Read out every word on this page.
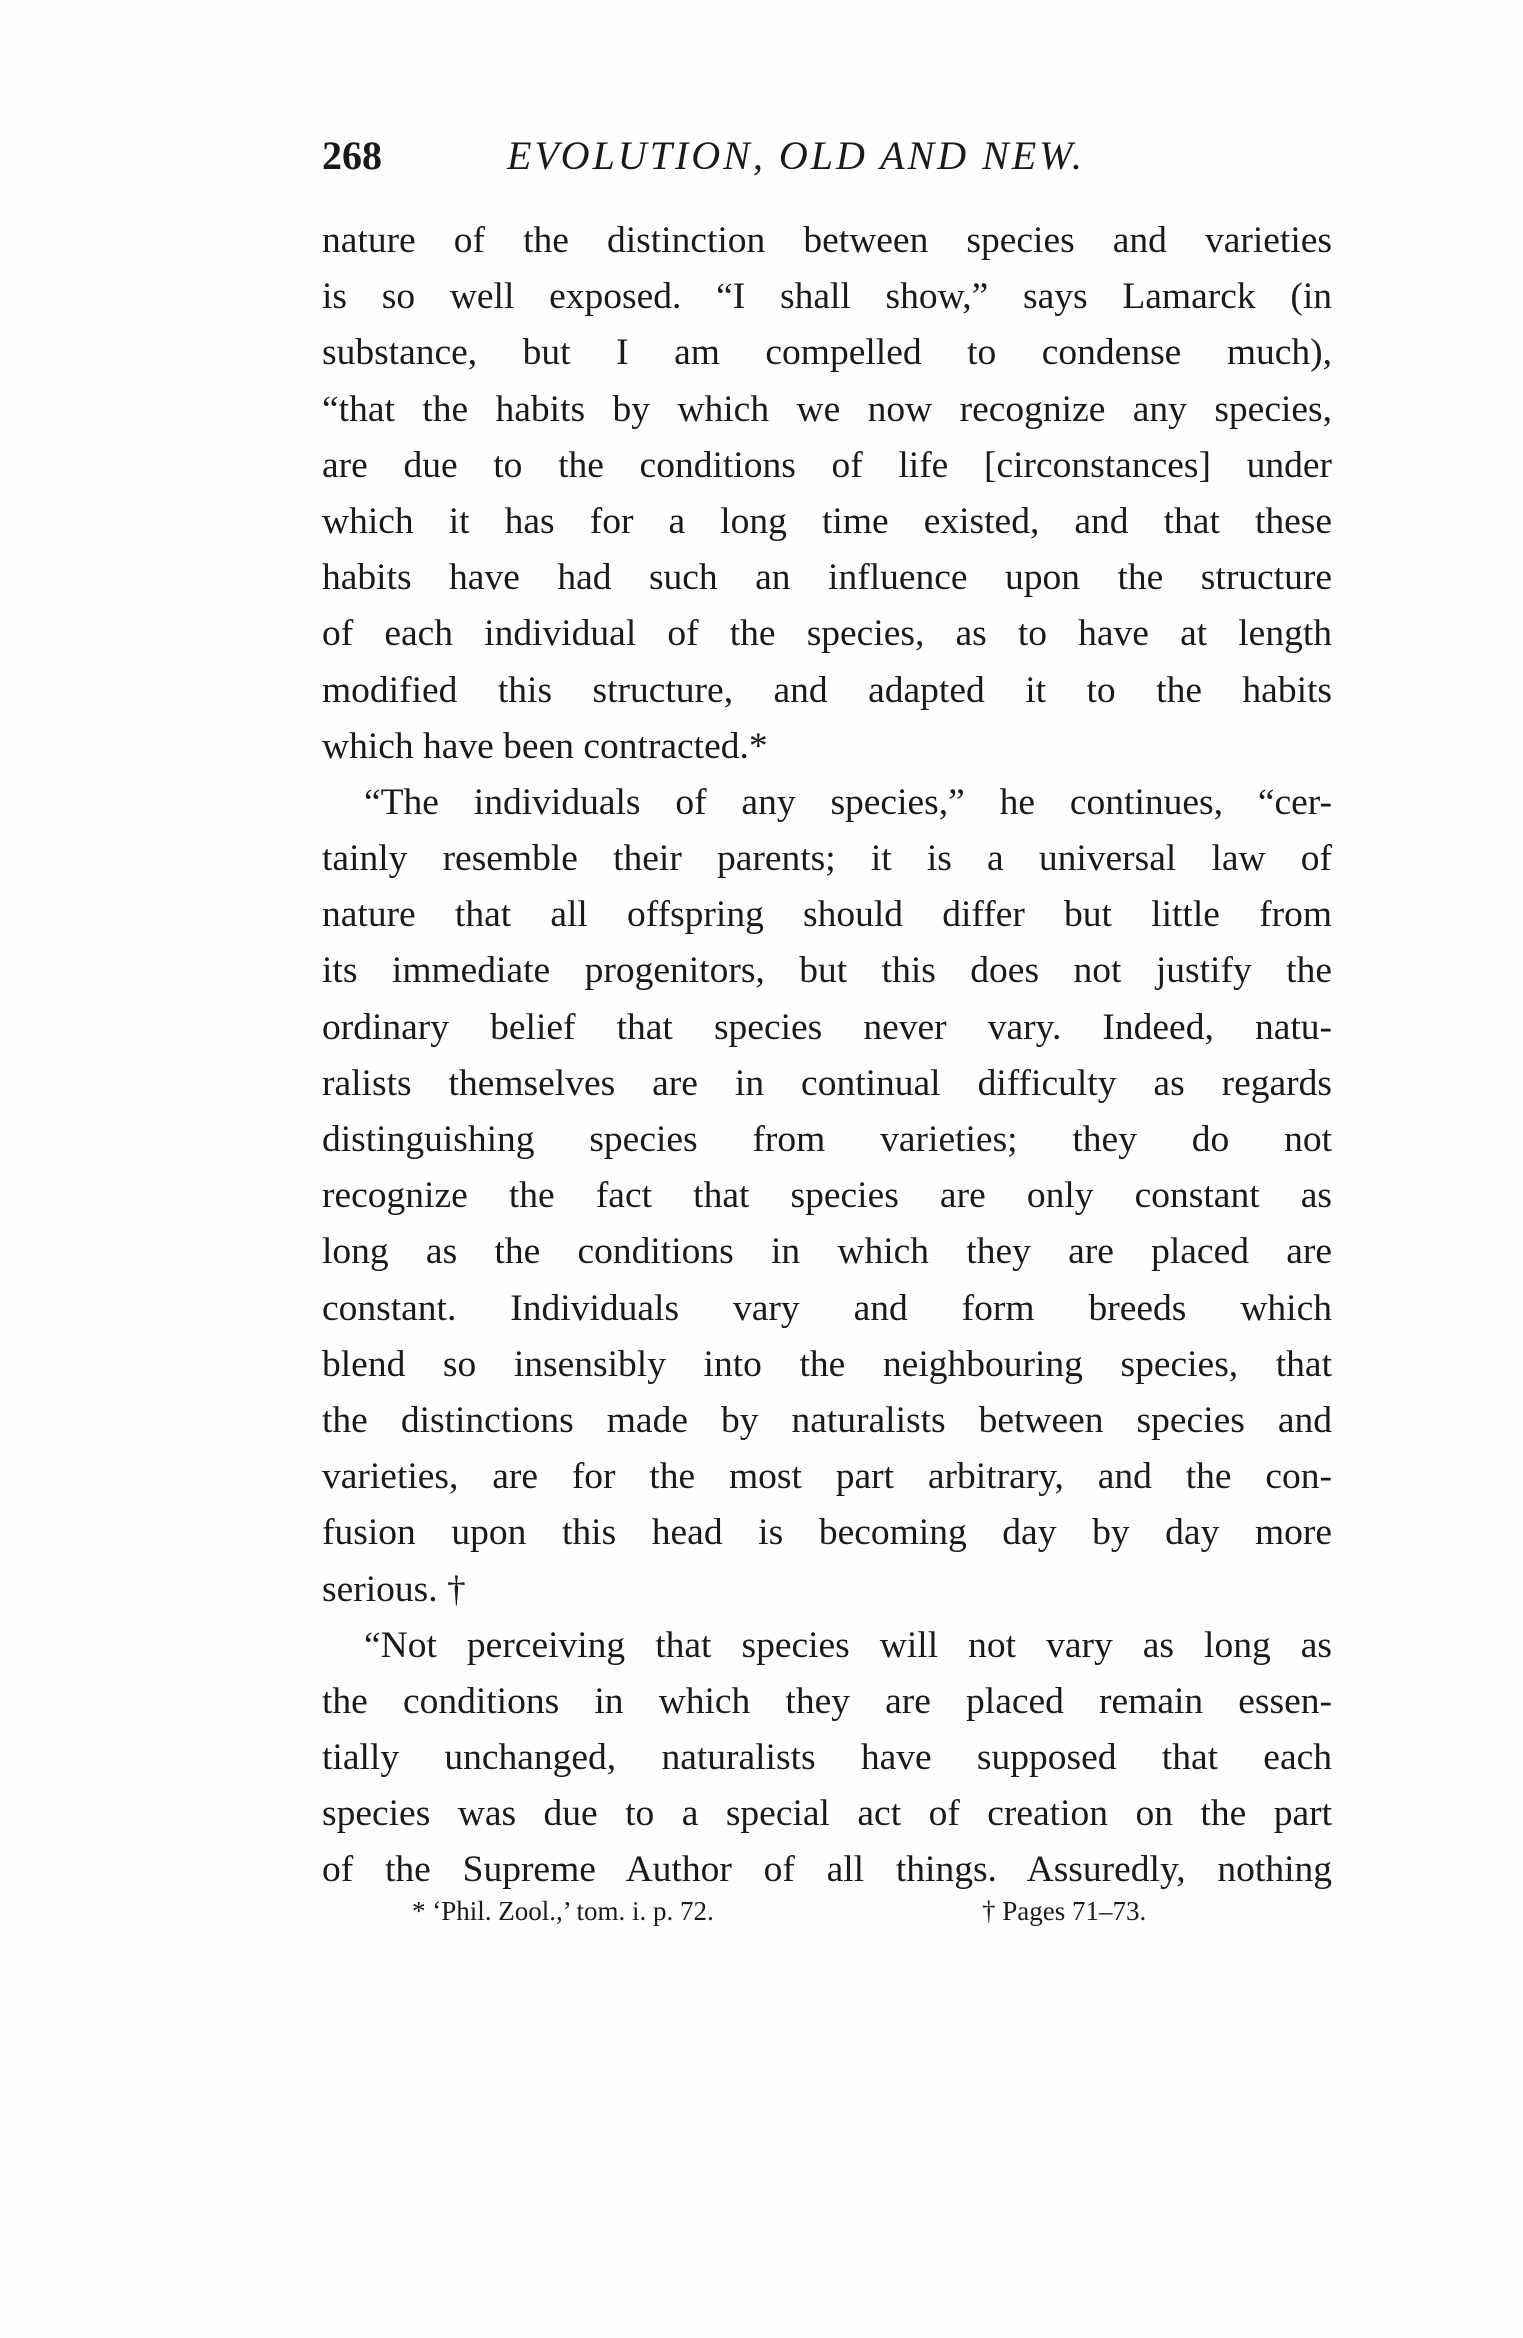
268	EVOLUTION, OLD AND NEW.
nature of the distinction between species and varieties
is so well exposed. “I shall show,” says Lamarck (in
substance, but I am compelled to condense much),
“that the habits by which we now recognize any species,
are due to the conditions of life [circonstances] under
which it has for a long time existed, and that these
habits have had such an influence upon the structure
of each individual of the species, as to have at length
modified this structure, and adapted it to the habits
which have been contracted.*
“The individuals of any species,” he continues, “cer-
tainly resemble their parents; it is a universal law of
nature that all offspring should differ but little from
its immediate progenitors, but this does not justify the
ordinary belief that species never vary. Indeed, natu-
ralists themselves are in continual difficulty as regards
distinguishing species from varieties; they do not
recognize the fact that species are only constant as
long as the conditions in which they are placed are
constant. Individuals vary and form breeds which
blend so insensibly into the neighbouring species, that
the distinctions made by naturalists between species and
varieties, are for the most part arbitrary, and the con-
fusion upon this head is becoming day by day more
serious. †
“Not perceiving that species will not vary as long as
the conditions in which they are placed remain essen-
tially unchanged, naturalists have supposed that each
species was due to a special act of creation on the part
of the Supreme Author of all things. Assuredly, nothing
* ‘Phil. Zool.,’ tom. i. p. 72.	† Pages 71–73.
